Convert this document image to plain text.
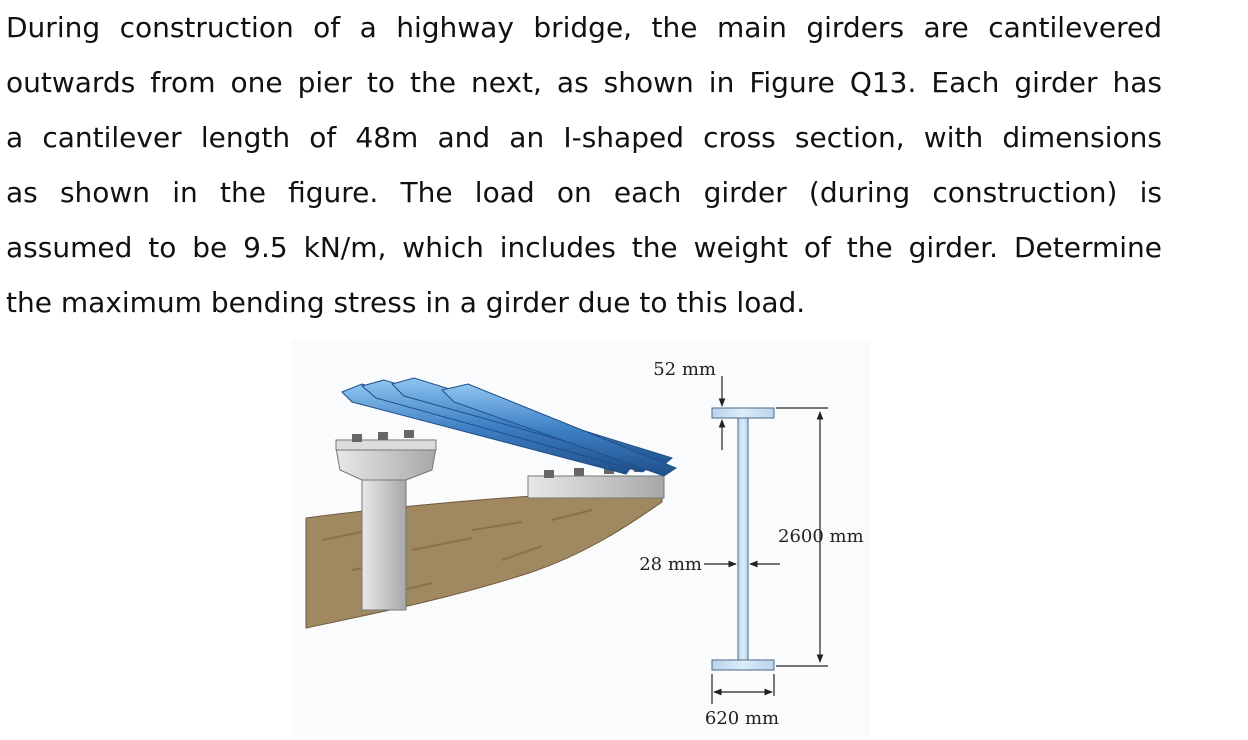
During construction of a highway bridge, the main girders are cantilevered
outwards from one pier to the next, as shown in Figure Q13. Each girder has
a cantilever length of 48m and an I-shaped cross section, with dimensions
as shown in the figure. The load on each girder (during construction) is
assumed to be 9.5 kN/m, which includes the weight of the girder. Determine
the maximum bending stress in a girder due to this load.
52 mm
2600 mm
28 mm
620 mm
